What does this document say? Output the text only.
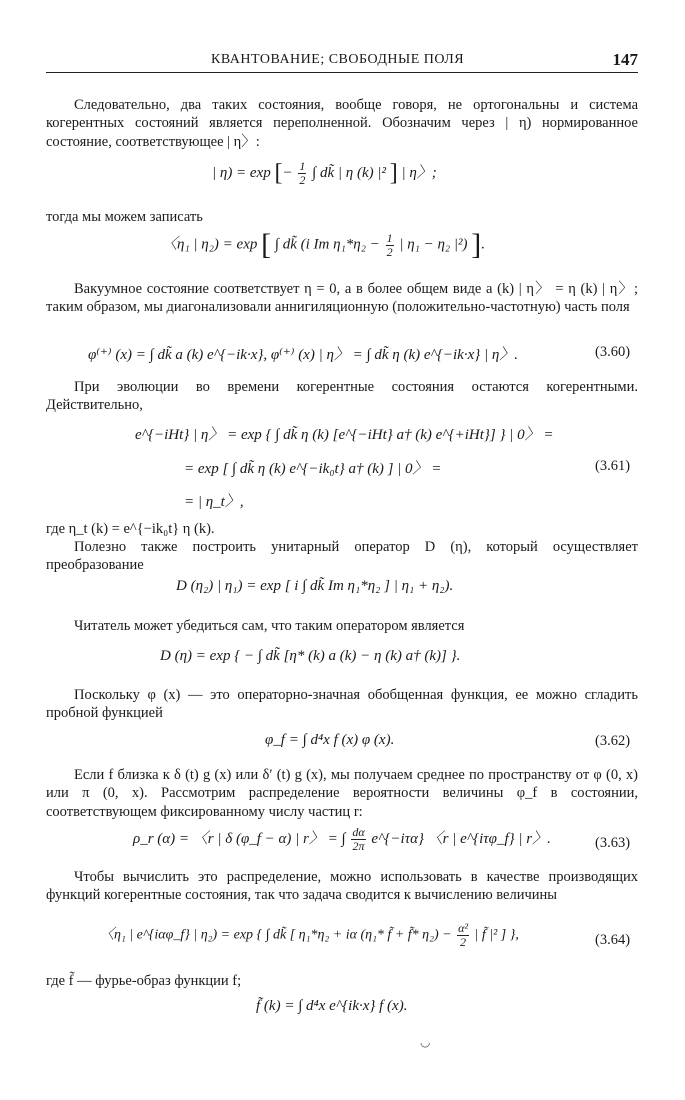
КВАНТОВАНИЕ; СВОБОДНЫЕ ПОЛЯ	147

Следовательно, два таких состояния, вообще говоря, не ортогональны и система когерентных состояний является переполненной. Обозначим через | η) нормированное состояние, соответствующее | η〉:

| η) = exp [− $\frac{1}{2}$ ∫ dk̃ | η (k) |² ] | η〉;

тогда мы можем записать

〈η₁ | η₂) = exp [ ∫ dk̃ (i Im $\eta_1*\eta_2 - \frac{1}{2}$ | η₁ − η₂ |²) ].

Вакуумное состояние соответствует η = 0, а в более общем виде a (k) | η〉 = η (k) | η〉; таким образом, мы диагонализовали аннигиляционную (положительно-частотную) часть поля

φ⁽⁺⁾ (x) = ∫ dk̃ a (k) e^{−ik·x}, φ⁽⁺⁾ (x) | η〉 = ∫ dk̃ η (k) e^{−ik·x} | η〉.	(3.60)

При эволюции во времени когерентные состояния остаются когерентными. Действительно,

e^{−iHt} | η〉 = exp { ∫ dk̃ η (k) [e^{−iHt} a† (k) e^{+iHt}] } | 0〉 =
= exp [ ∫ dk̃ η (k) e^{−ik₀t} a† (k) ] | 0〉 =	(3.61)
= | η_t〉,

где η_t (k) = e^{−ik₀t} η (k).

Полезно также построить унитарный оператор D (η), который осуществляет преобразование

D (η₂) | η₁) = exp [ i ∫ dk̃ Im η₁*η₂ ] | η₁ + η₂).

Читатель может убедиться сам, что таким оператором является

D (η) = exp { − ∫ dk̃ [η* (k) a (k) − η (k) a† (k)] }.

Поскольку φ (x) — это операторно-значная обобщенная функция, ее можно сгладить пробной функцией

φ_f = ∫ d⁴x f (x) φ (x).	(3.62)

Если f близка к δ (t) g (x) или δ′ (t) g (x), мы получаем среднее по пространству от φ (0, x) или π (0, x). Рассмотрим распределение вероятности величины φ_f в состоянии, соответствующем фиксированному числу частиц r:

ρ_r (α) = 〈r | δ (φ_f − α) | r〉 = ∫ $\frac{d\alpha}{2\pi}$ e^{−iτα} 〈r | e^{iτφ_f} | r〉.	(3.63)

Чтобы вычислить это распределение, можно использовать в качестве производящих функций когерентные состояния, так что задача сводится к вычислению величины

〈η₁ | e^{iαφ_f} | η₂) = exp { ∫ dk̃ [ η₁*η₂ + iα (η₁* f̃ + f̃* $\eta_2) - \frac{\text{α²}}{2}$ | f̃ |² ] },	(3.64)

где f̃ — фурье-образ функции f;

f̃ (k) = ∫ d⁴x e^{ik·x} f (x).
◡
